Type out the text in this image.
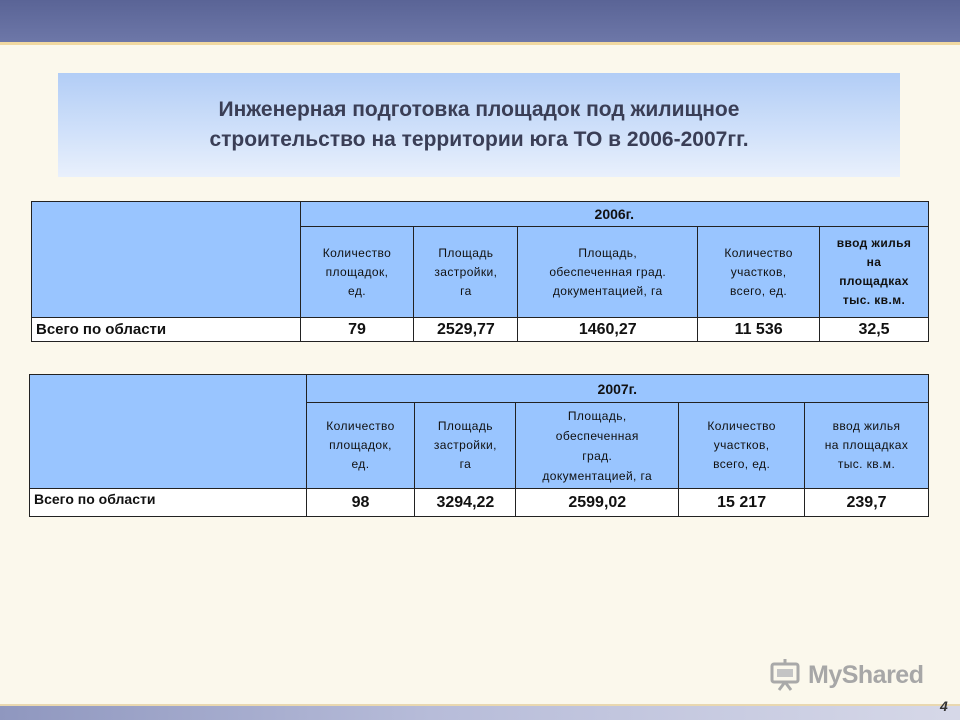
Инженерная подготовка площадок под жилищное
строительство на территории юга ТО в 2006-2007гг.
	2006г.				
	Количество
площадок,
ед.	Площадь
застройки,
га	Площадь,
обеспеченная град.
документацией, га	Количество
участков,
всего, ед.	ввод жилья
на
площадках
тыс. кв.м.
Всего по области	79	2529,77	1460,27	11 536	32,5
	2007г.				
	Количество
площадок,
ед.	Площадь
застройки,
га	Площадь,
обеспеченная
град.
документацией, га	Количество
участков,
всего, ед.	ввод жилья
на площадках
тыс. кв.м.
Всего по области	98	3294,22	2599,02	15 217	239,7
MyShared
4
